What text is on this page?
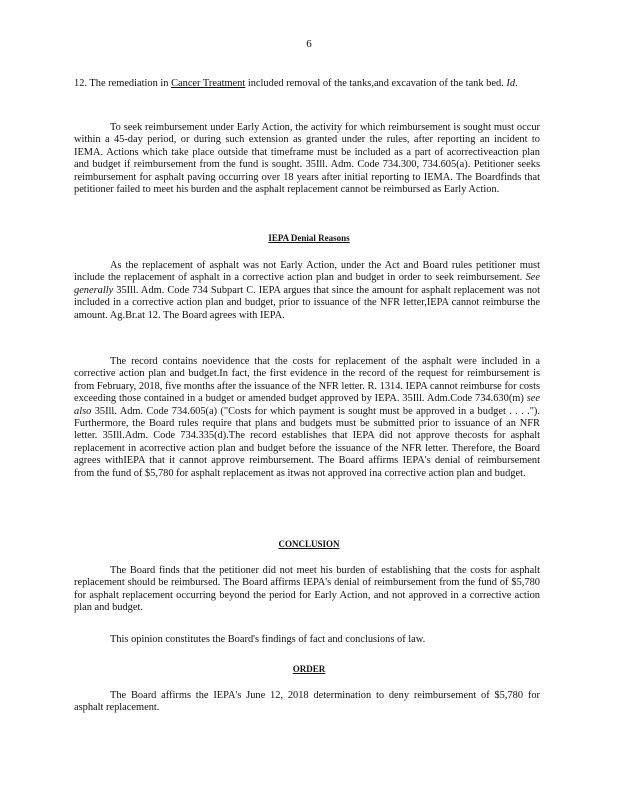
6

12. The remediation in Cancer Treatment included removal of the tanks,and excavation of the tank bed. Id.

To seek reimbursement under Early Action, the activity for which reimbursement is sought must occur within a 45-day period, or during such extension as granted under the rules, after reporting an incident to IEMA. Actions which take place outside that timeframe must be included as a part of acorrectiveaction plan and budget if reimbursement from the fund is sought. 35Ill. Adm. Code 734.300, 734.605(a). Petitioner seeks reimbursement for asphalt paving occurring over 18 years after initial reporting to IEMA. The Boardfinds that petitioner failed to meet his burden and the asphalt replacement cannot be reimbursed as Early Action.

IEPA Denial Reasons

As the replacement of asphalt was not Early Action, under the Act and Board rules petitioner must include the replacement of asphalt in a corrective action plan and budget in order to seek reimbursement. See generally 35Ill. Adm. Code 734 Subpart C. IEPA argues that since the amount for asphalt replacement was not included in a corrective action plan and budget, prior to issuance of the NFR letter,IEPA cannot reimburse the amount. Ag.Br.at 12. The Board agrees with IEPA.

The record contains noevidence that the costs for replacement of the asphalt were included in a corrective action plan and budget.In fact, the first evidence in the record of the request for reimbursement is from February, 2018, five months after the issuance of the NFR letter. R. 1314. IEPA cannot reimburse for costs exceeding those contained in a budget or amended budget approved by IEPA. 35Ill. Adm.Code 734.630(m) see also 35Ill. Adm. Code 734.605(a) ("Costs for which payment is sought must be approved in a budget . . . ."). Furthermore, the Board rules require that plans and budgets must be submitted prior to issuance of an NFR letter. 35Ill.Adm. Code 734.335(d).The record establishes that IEPA did not approve thecosts for asphalt replacement in acorrective action plan and budget before the issuance of the NFR letter. Therefore, the Board agrees withIEPA that it cannot approve reimbursement. The Board affirms IEPA's denial of reimbursement from the fund of $5,780 for asphalt replacement as itwas not approved ina corrective action plan and budget.

CONCLUSION

The Board finds that the petitioner did not meet his burden of establishing that the costs for asphalt replacement should be reimbursed. The Board affirms IEPA's denial of reimbursement from the fund of $5,780 for asphalt replacement occurring beyond the period for Early Action, and not approved in a corrective action plan and budget.

This opinion constitutes the Board's findings of fact and conclusions of law.

ORDER

The Board affirms the IEPA's June 12, 2018 determination to deny reimbursement of $5,780 for asphalt replacement.
